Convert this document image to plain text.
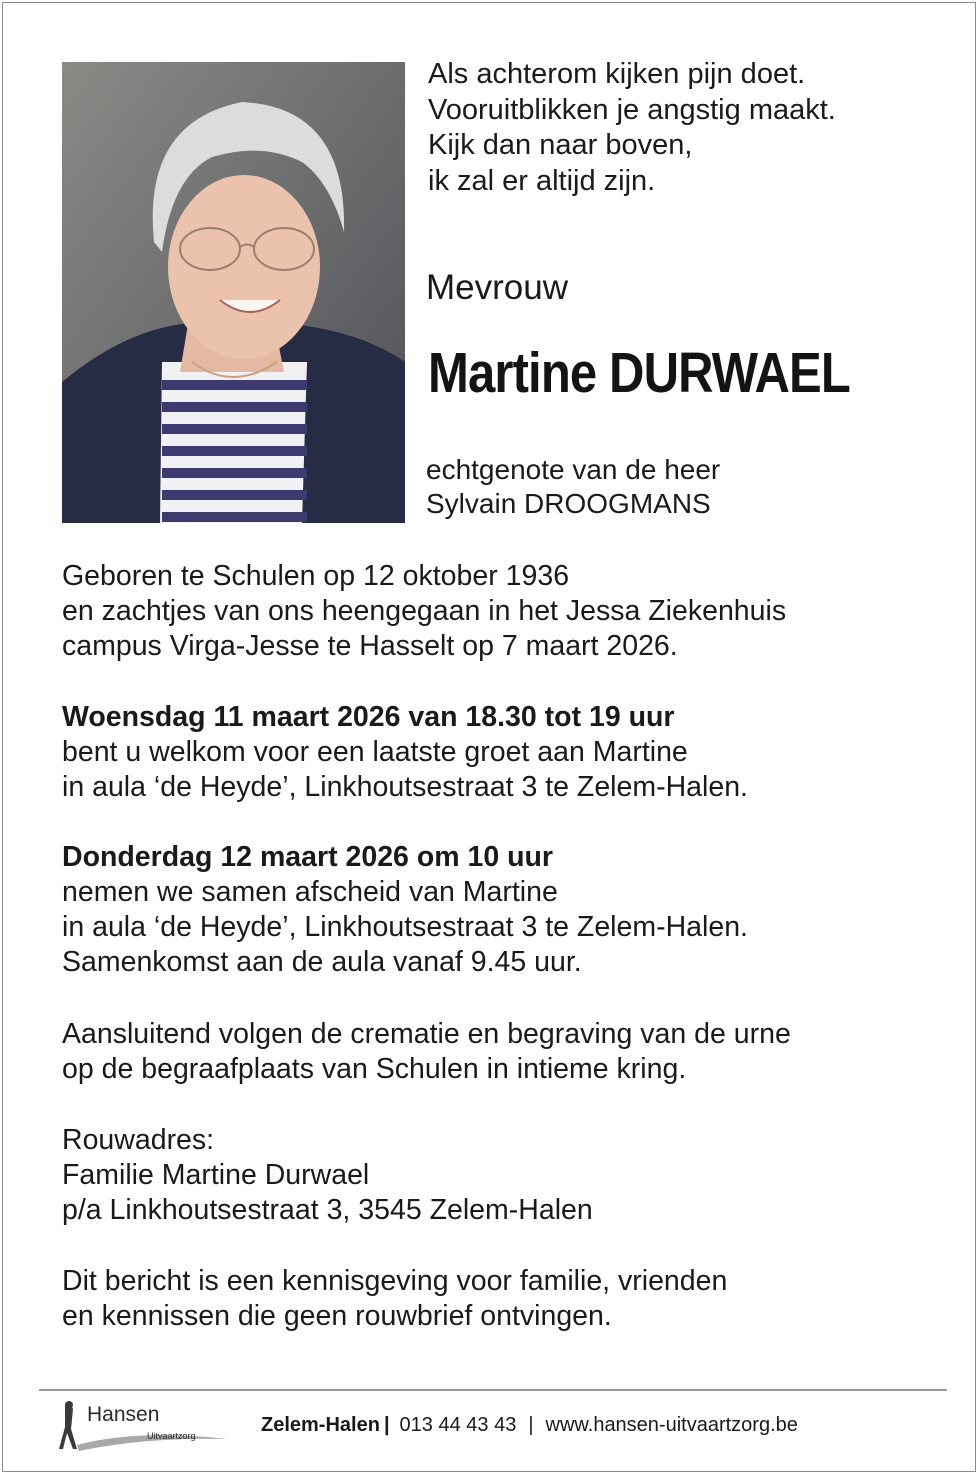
Als achterom kijken pijn doet.
Vooruitblikken je angstig maakt.
Kijk dan naar boven,
ik zal er altijd zijn.
Mevrouw
Martine DURWAEL
echtgenote van de heer
Sylvain DROOGMANS
Geboren te Schulen op 12 oktober 1936
en zachtjes van ons heengegaan in het Jessa Ziekenhuis
campus Virga-Jesse te Hasselt op 7 maart 2026.
Woensdag 11 maart 2026 van 18.30 tot 19 uur
bent u welkom voor een laatste groet aan Martine
in aula ‘de Heyde’, Linkhoutsestraat 3 te Zelem-Halen.
Donderdag 12 maart 2026 om 10 uur
nemen we samen afscheid van Martine
in aula ‘de Heyde’, Linkhoutsestraat 3 te Zelem-Halen.
Samenkomst aan de aula vanaf 9.45 uur.
Aansluitend volgen de crematie en begraving van de urne
op de begraafplaats van Schulen in intieme kring.
Rouwadres:
Familie Martine Durwael
p/a Linkhoutsestraat 3, 3545 Zelem-Halen
Dit bericht is een kennisgeving voor familie, vrienden
en kennissen die geen rouwbrief ontvingen.
Hansen
Uitvaartzorg	Zelem-Halen | 013 44 43 43 | www.hansen-uitvaartzorg.be
